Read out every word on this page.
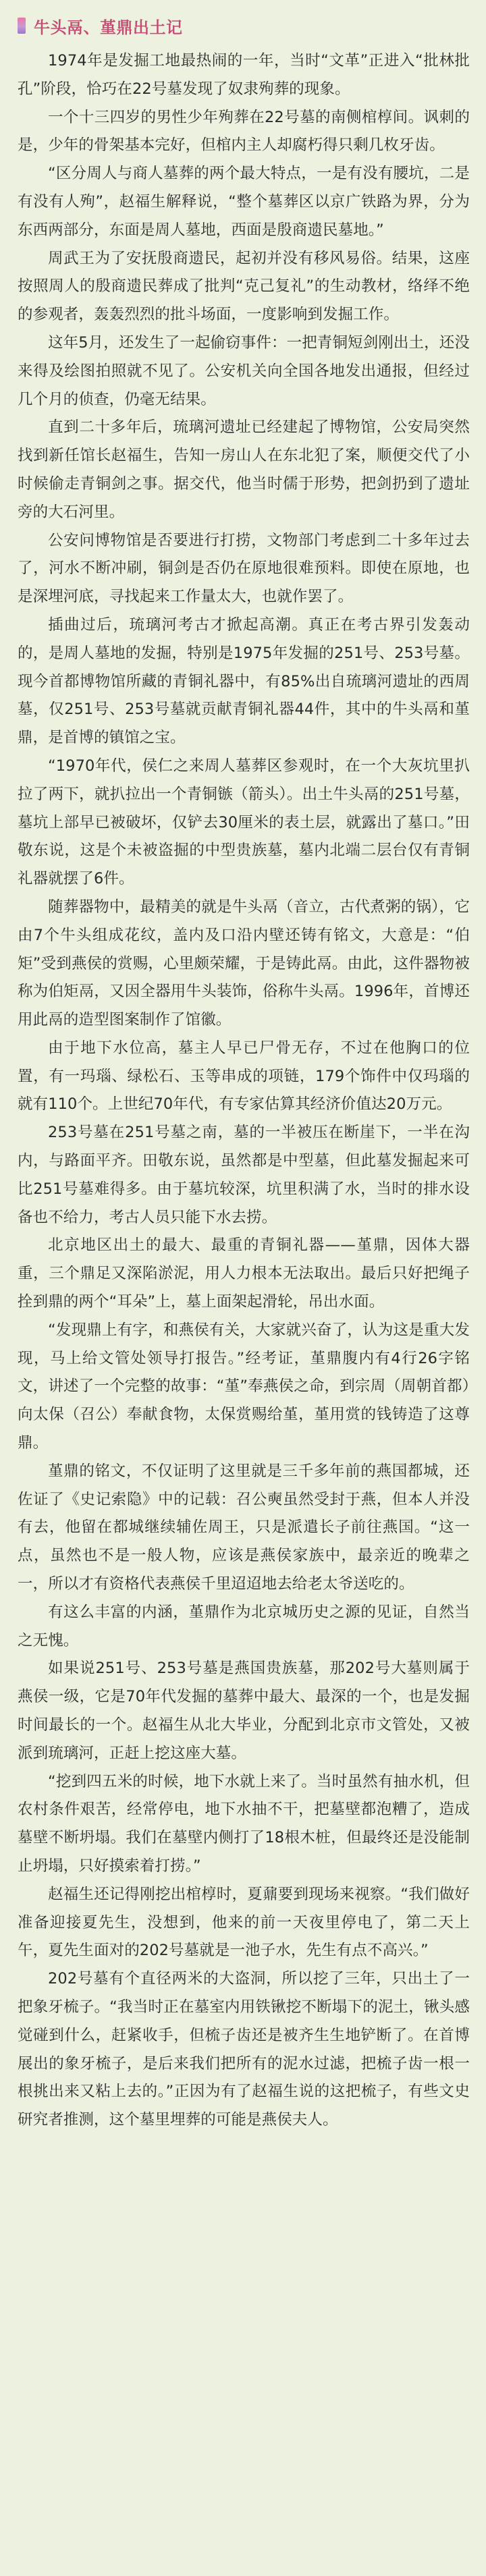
牛头鬲、堇鼎出土记

1974年是发掘工地最热闹的一年，当时“文革”正进入“批林批孔”阶段，恰巧在22号墓发现了奴隶殉葬的现象。

一个十三四岁的男性少年殉葬在22号墓的南侧棺椁间。讽刺的是，少年的骨架基本完好，但棺内主人却腐朽得只剩几枚牙齿。

“区分周人与商人墓葬的两个最大特点，一是有没有腰坑，二是有没有人殉”，赵福生解释说，“整个墓葬区以京广铁路为界，分为东西两部分，东面是周人墓地，西面是殷商遗民墓地。”

周武王为了安抚殷商遗民，起初并没有移风易俗。结果，这座按照周人的殷商遗民葬成了批判“克己复礼”的生动教材，络绎不绝的参观者，轰轰烈烈的批斗场面，一度影响到发掘工作。

这年5月，还发生了一起偷窃事件：一把青铜短剑刚出土，还没来得及绘图拍照就不见了。公安机关向全国各地发出通报，但经过几个月的侦查，仍毫无结果。

直到二十多年后，琉璃河遗址已经建起了博物馆，公安局突然找到新任馆长赵福生，告知一房山人在东北犯了案，顺便交代了小时候偷走青铜剑之事。据交代，他当时儒于形势，把剑扔到了遗址旁的大石河里。

公安问博物馆是否要进行打捞，文物部门考虑到二十多年过去了，河水不断冲刷，铜剑是否仍在原地很难预料。即使在原地，也是深埋河底，寻找起来工作量太大，也就作罢了。

插曲过后，琉璃河考古才掀起高潮。真正在考古界引发轰动的，是周人墓地的发掘，特别是1975年发掘的251号、253号墓。现今首都博物馆所藏的青铜礼器中，有85%出自琉璃河遗址的西周墓，仅251号、253号墓就贡献青铜礼器44件，其中的牛头鬲和堇鼎，是首博的镇馆之宝。

“1970年代，侯仁之来周人墓葬区参观时，在一个大灰坑里扒拉了两下，就扒拉出一个青铜镞（箭头）。出土牛头鬲的251号墓，墓坑上部早已被破坏，仅铲去30厘米的表土层，就露出了墓口。”田敬东说，这是个未被盗掘的中型贵族墓，墓内北端二层台仅有青铜礼器就摆了6件。

随葬器物中，最精美的就是牛头鬲（音立，古代煮粥的锅），它由7个牛头组成花纹，盖内及口沿内壁还铸有铭文，大意是：“伯矩”受到燕侯的赏赐，心里颇荣耀，于是铸此鬲。由此，这件器物被称为伯矩鬲，又因全器用牛头装饰，俗称牛头鬲。1996年，首博还用此鬲的造型图案制作了馆徽。

由于地下水位高，墓主人早已尸骨无存，不过在他胸口的位置，有一玛瑙、绿松石、玉等串成的项链，179个饰件中仅玛瑙的就有110个。上世纪70年代，有专家估算其经济价值达20万元。

253号墓在251号墓之南，墓的一半被压在断崖下，一半在沟内，与路面平齐。田敬东说，虽然都是中型墓，但此墓发掘起来可比251号墓难得多。由于墓坑较深，坑里积满了水，当时的排水设备也不给力，考古人员只能下水去捞。

北京地区出土的最大、最重的青铜礼器——堇鼎，因体大器重，三个鼎足又深陷淤泥，用人力根本无法取出。最后只好把绳子拴到鼎的两个“耳朵”上，墓上面架起滑轮，吊出水面。

“发现鼎上有字，和燕侯有关，大家就兴奋了，认为这是重大发现，马上给文管处领导打报告。”经考证，堇鼎腹内有4行26字铭文，讲述了一个完整的故事：“堇”奉燕侯之命，到宗周（周朝首都）向太保（召公）奉献食物，太保赏赐给堇，堇用赏的钱铸造了这尊鼎。

堇鼎的铭文，不仅证明了这里就是三千多年前的燕国都城，还佐证了《史记索隐》中的记载：召公奭虽然受封于燕，但本人并没有去，他留在都城继续辅佐周王，只是派遣长子前往燕国。“这一点，虽然也不是一般人物，应该是燕侯家族中，最亲近的晚辈之一，所以才有资格代表燕侯千里迢迢地去给老太爷送吃的。

有这么丰富的内涵，堇鼎作为北京城历史之源的见证，自然当之无愧。

如果说251号、253号墓是燕国贵族墓，那202号大墓则属于燕侯一级，它是70年代发掘的墓葬中最大、最深的一个，也是发掘时间最长的一个。赵福生从北大毕业，分配到北京市文管处，又被派到琉璃河，正赶上挖这座大墓。

“挖到四五米的时候，地下水就上来了。当时虽然有抽水机，但农村条件艰苦，经常停电，地下水抽不干，把墓壁都泡糟了，造成墓壁不断坍塌。我们在墓壁内侧打了18根木桩，但最终还是没能制止坍塌，只好摸索着打捞。”

赵福生还记得刚挖出棺椁时，夏鼐要到现场来视察。“我们做好准备迎接夏先生，没想到，他来的前一天夜里停电了，第二天上午，夏先生面对的202号墓就是一池子水，先生有点不高兴。”

202号墓有个直径两米的大盗洞，所以挖了三年，只出土了一把象牙梳子。“我当时正在墓室内用铁锹挖不断塌下的泥土，锹头感觉碰到什么，赶紧收手，但梳子齿还是被齐生生地铲断了。在首博展出的象牙梳子，是后来我们把所有的泥水过滤，把梳子齿一根一根挑出来又粘上去的。”正因为有了赵福生说的这把梳子，有些文史研究者推测，这个墓里埋葬的可能是燕侯夫人。
